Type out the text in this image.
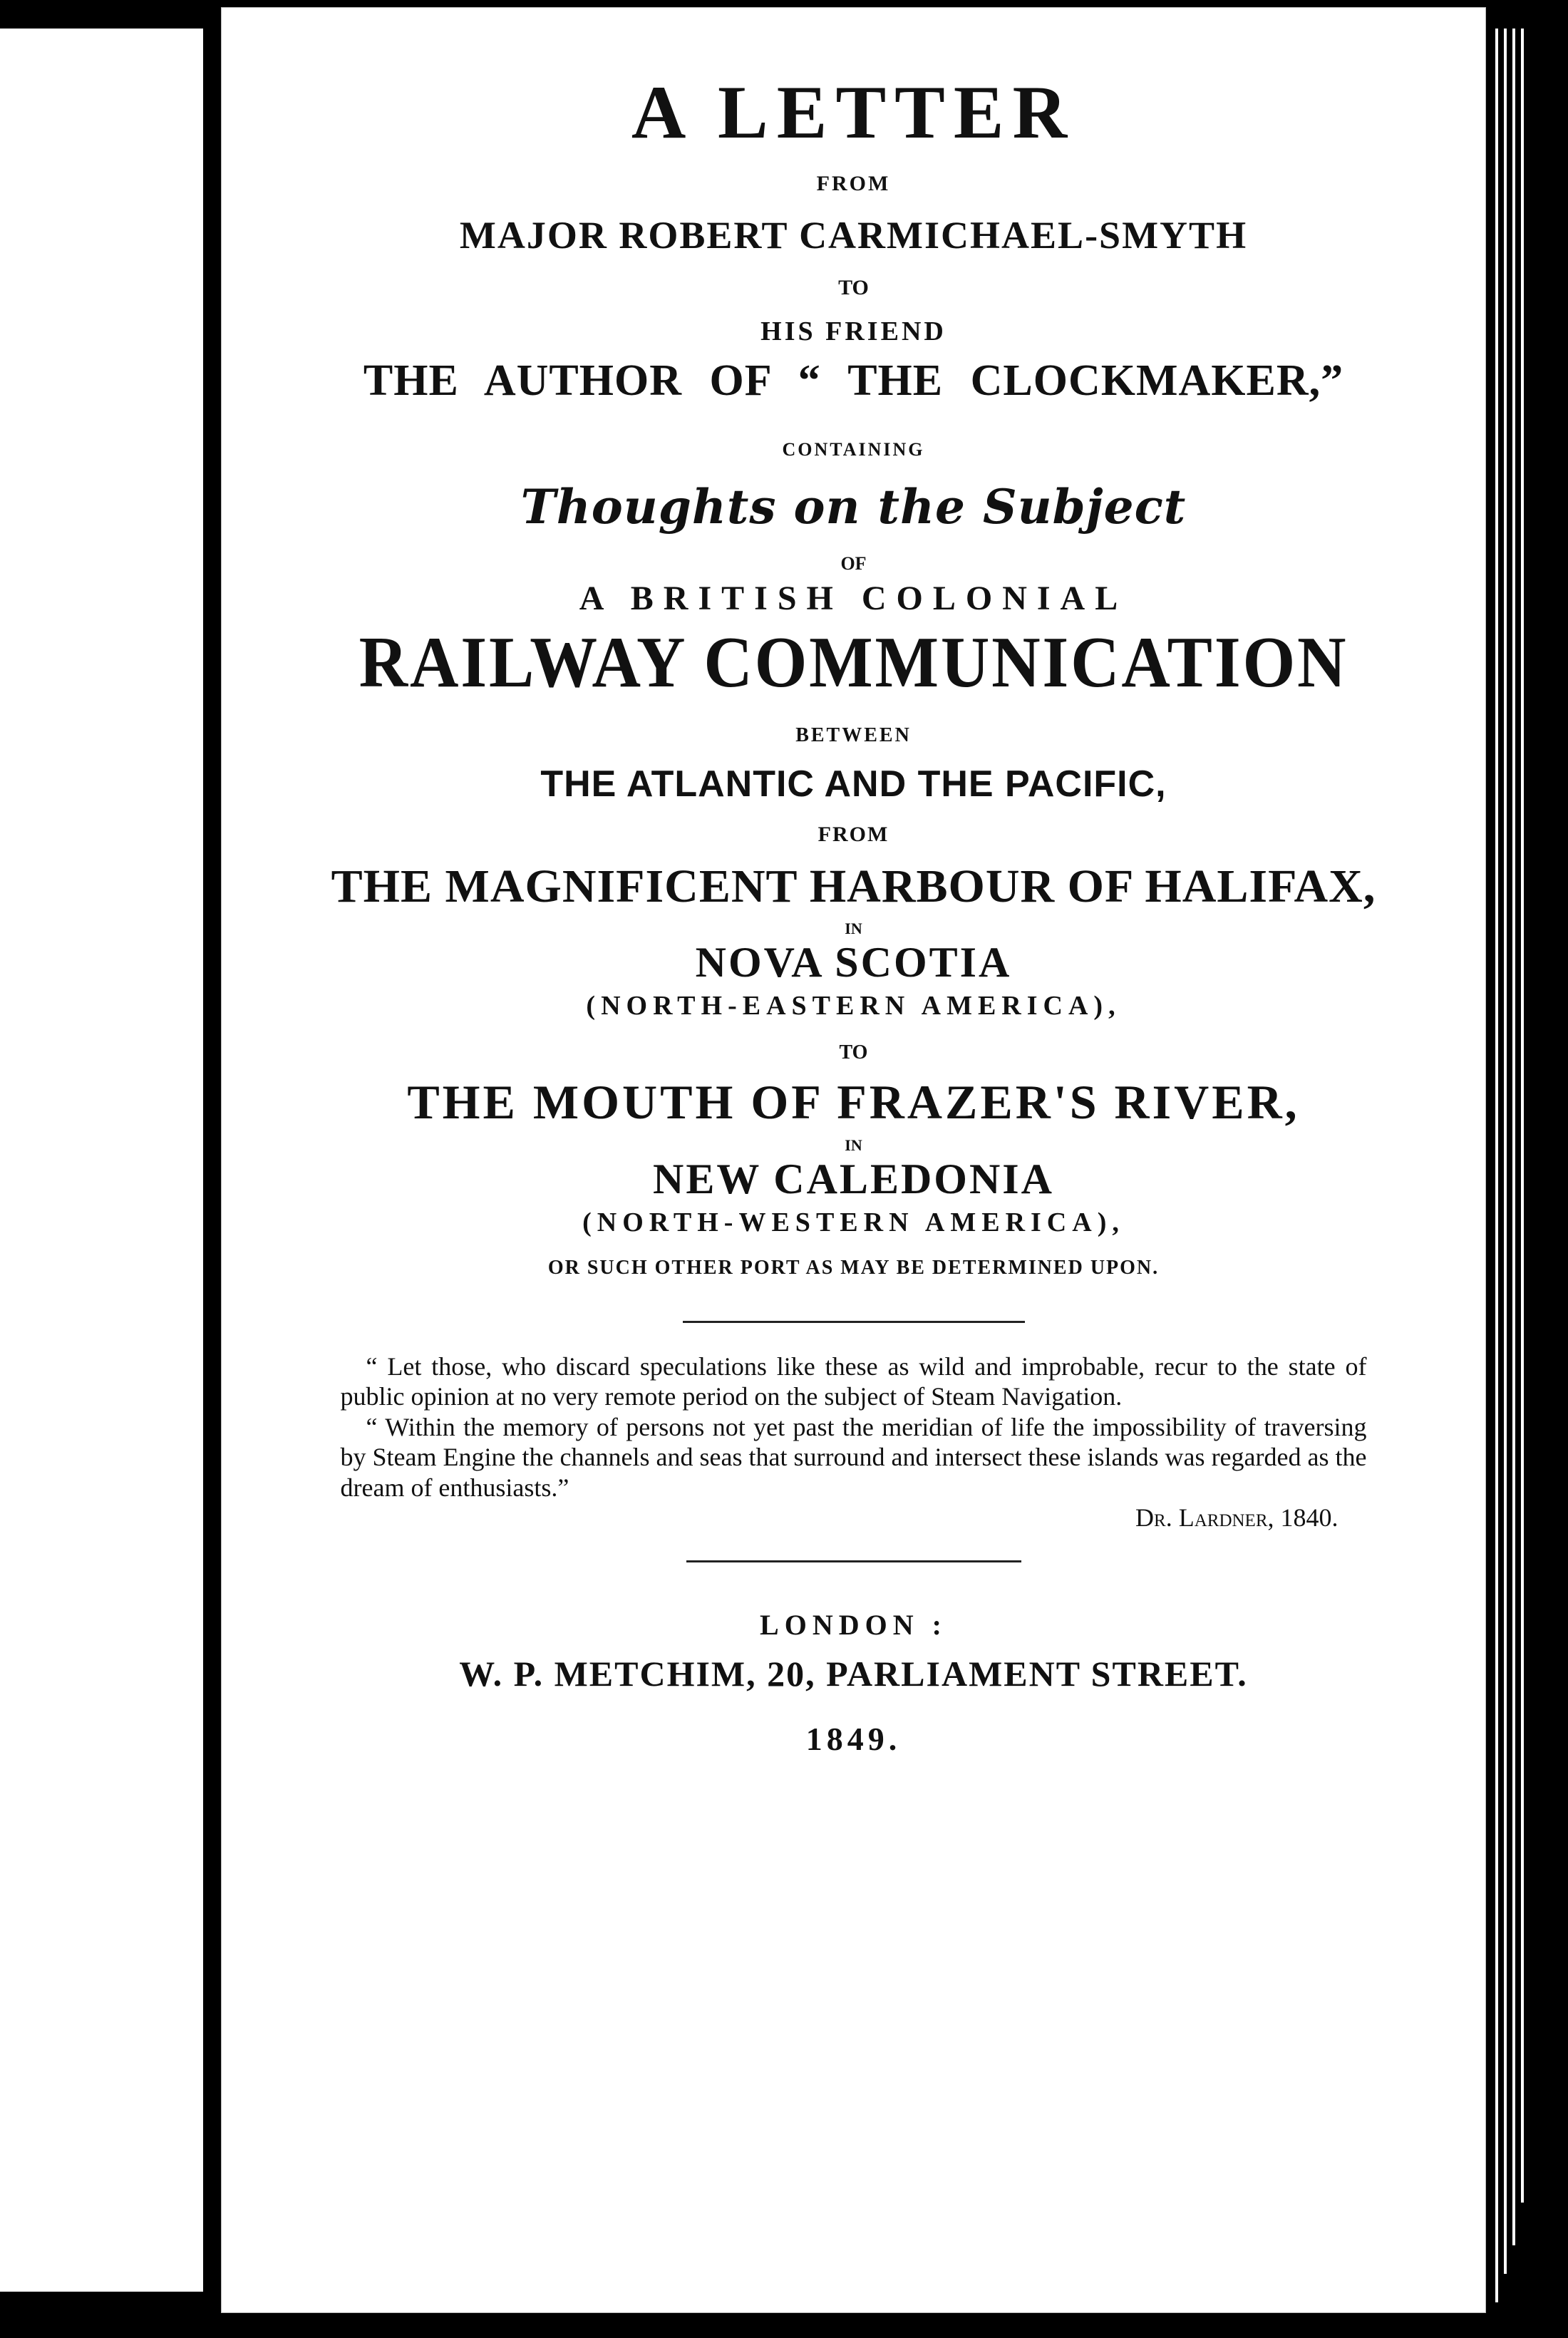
A LETTER
FROM
MAJOR ROBERT CARMICHAEL-SMYTH
TO
HIS FRIEND
THE AUTHOR OF “ THE CLOCKMAKER,”
CONTAINING
Thoughts on the Subject
OF
A BRITISH COLONIAL
RAILWAY COMMUNICATION
BETWEEN
THE ATLANTIC AND THE PACIFIC,
FROM
THE MAGNIFICENT HARBOUR OF HALIFAX,
IN
NOVA SCOTIA
(NORTH-EASTERN AMERICA),
TO
THE MOUTH OF FRAZER'S RIVER,
IN
NEW CALEDONIA
(NORTH-WESTERN AMERICA),
OR SUCH OTHER PORT AS MAY BE DETERMINED UPON.

“ Let those, who discard speculations like these as wild and improbable, recur to the state of public opinion at no very remote period on the subject of Steam Navigation.

“ Within the memory of persons not yet past the meridian of life the impossibility of traversing by Steam Engine the channels and seas that surround and intersect these islands was regarded as the dream of enthusiasts.”

Dr. Lardner, 1840.

LONDON :
W. P. METCHIM, 20, PARLIAMENT STREET.
1849.
